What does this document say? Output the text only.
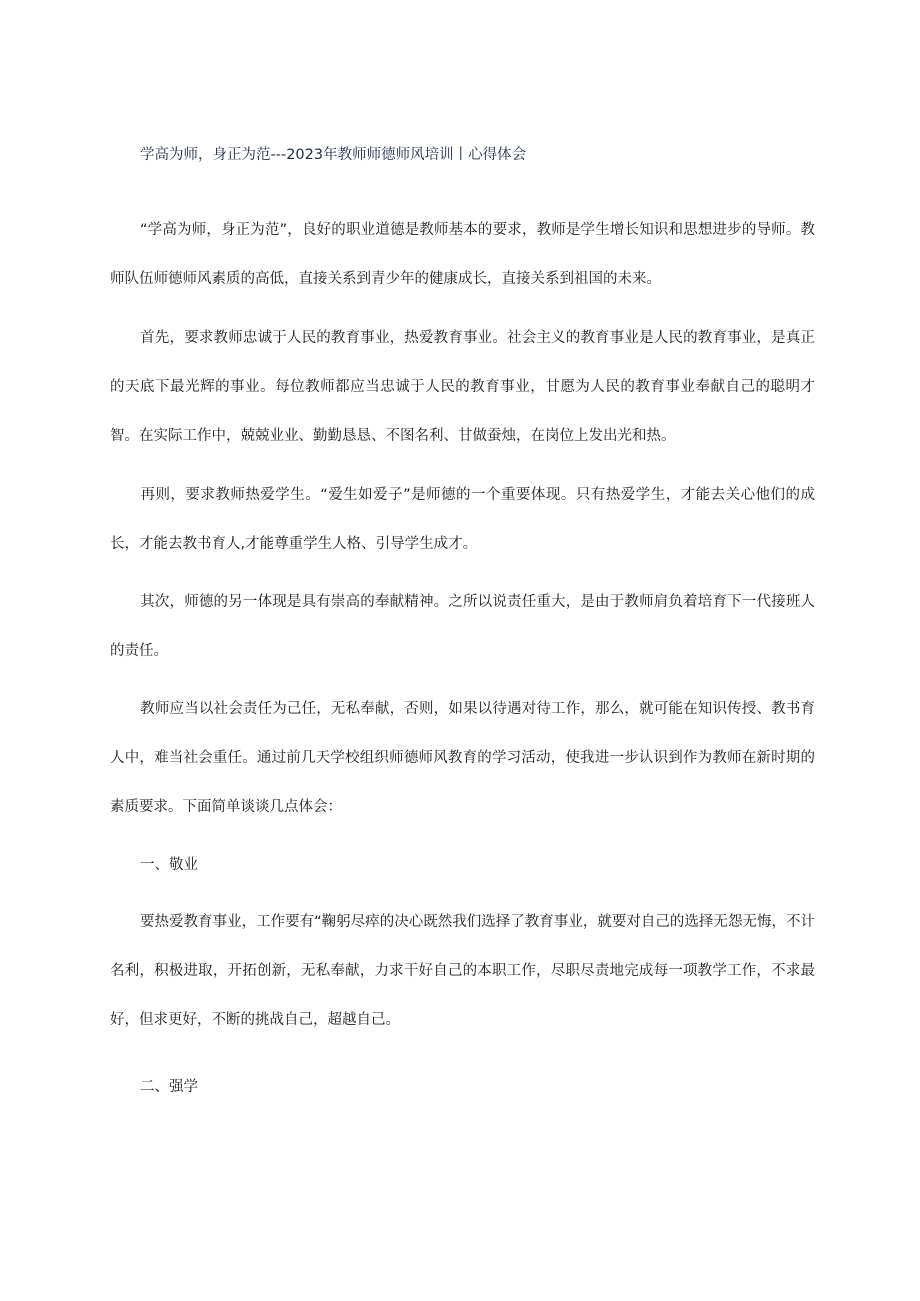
学高为师，身正为范---2023年教师师德师风培训丨心得体会

“学高为师，身正为范”，良好的职业道德是教师基本的要求，教师是学生增长知识和思想进步的导师。教师队伍师德师风素质的高低，直接关系到青少年的健康成长，直接关系到祖国的未来。

首先，要求教师忠诚于人民的教育事业，热爱教育事业。社会主义的教育事业是人民的教育事业，是真正的天底下最光辉的事业。每位教师都应当忠诚于人民的教育事业，甘愿为人民的教育事业奉献自己的聪明才智。在实际工作中，兢兢业业、勤勤恳恳、不图名利、甘做蚕烛，在岗位上发出光和热。

再则，要求教师热爱学生。“爱生如爱子”是师德的一个重要体现。只有热爱学生，才能去关心他们的成长，才能去教书育人,才能尊重学生人格、引导学生成才。

其次，师德的另一体现是具有崇高的奉献精神。之所以说责任重大，是由于教师肩负着培育下一代接班人的责任。

教师应当以社会责任为己任，无私奉献，否则，如果以待遇对待工作，那么，就可能在知识传授、教书育人中，难当社会重任。通过前几天学校组织师德师风教育的学习活动，使我进一步认识到作为教师在新时期的素质要求。下面简单谈谈几点体会：

一、敬业

要热爱教育事业，工作要有“鞠躬尽瘁的决心既然我们选择了教育事业，就要对自己的选择无怨无悔，不计名利，积极进取，开拓创新，无私奉献，力求干好自己的本职工作，尽职尽责地完成每一项教学工作，不求最好，但求更好，不断的挑战自己，超越自己。

二、强学
